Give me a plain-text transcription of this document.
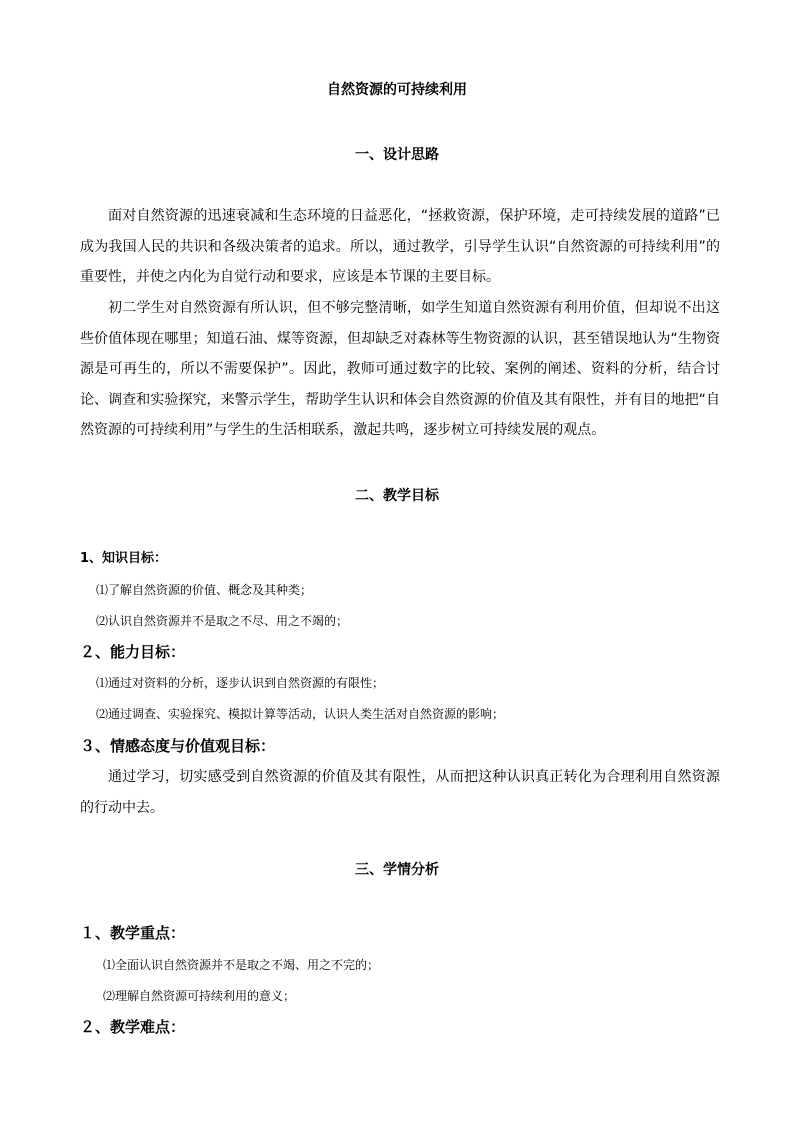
自然资源的可持续利用
一、设计思路

面对自然资源的迅速衰减和生态环境的日益恶化，“拯救资源，保护环境，走可持续发展的道路”已成为我国人民的共识和各级决策者的追求。所以，通过教学，引导学生认识“自然资源的可持续利用”的重要性，并使之内化为自觉行动和要求，应该是本节课的主要目标。

初二学生对自然资源有所认识，但不够完整清晰，如学生知道自然资源有利用价值，但却说不出这些价值体现在哪里；知道石油、煤等资源，但却缺乏对森林等生物资源的认识，甚至错误地认为“生物资源是可再生的，所以不需要保护”。因此，教师可通过数字的比较、案例的阐述、资料的分析，结合讨论、调查和实验探究，来警示学生，帮助学生认识和体会自然资源的价值及其有限性，并有目的地把“自然资源的可持续利用”与学生的生活相联系，激起共鸣，逐步树立可持续发展的观点。

二、教学目标
1、知识目标：
⑴了解自然资源的价值、概念及其种类；
⑵认识自然资源并不是取之不尽、用之不竭的；
２、能力目标：
⑴通过对资料的分析，逐步认识到自然资源的有限性；
⑵通过调查、实验探究、模拟计算等活动，认识人类生活对自然资源的影响；
３、情感态度与价值观目标：

通过学习，切实感受到自然资源的价值及其有限性，从而把这种认识真正转化为合理利用自然资源的行动中去。

三、学情分析
１、教学重点：
⑴全面认识自然资源并不是取之不竭、用之不完的；
⑵理解自然资源可持续利用的意义；
２、教学难点：
